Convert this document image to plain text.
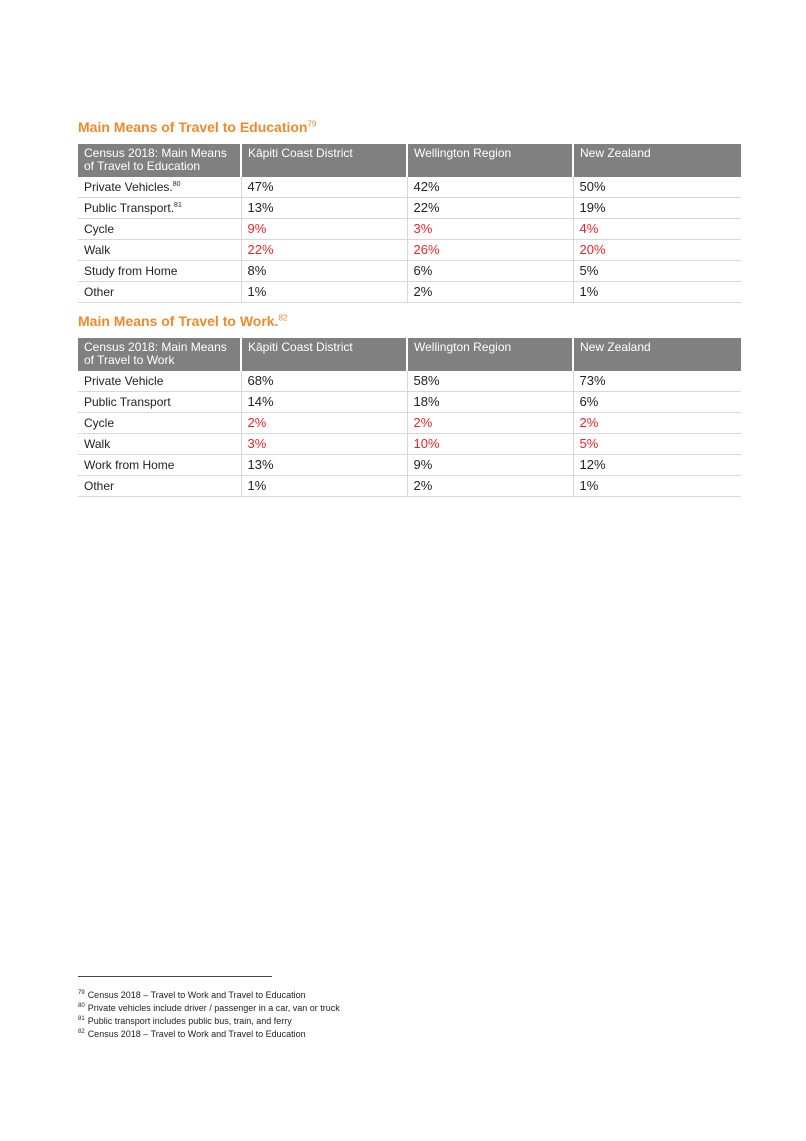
Main Means of Travel to Education$^{79}$
Census 2018: Main Means of Travel to Education	Kāpiti Coast District	Wellington Region	New Zealand
Private Vehicles.$^{80}$	47%	42%	50%
Public Transport.$^{81}$	13%	22%	19%
Cycle	9%	3%	4%
Walk	22%	26%	20%
Study from Home	8%	6%	5%
Other	1%	2%	1%
Main Means of Travel to Work.$^{82}$
Census 2018: Main Means of Travel to Work	Kāpiti Coast District	Wellington Region	New Zealand
Private Vehicle	68%	58%	73%
Public Transport	14%	18%	6%
Cycle	2%	2%	2%
Walk	3%	10%	5%
Work from Home	13%	9%	12%
Other	1%	2%	1%
$^{79}$ Census 2018 – Travel to Work and Travel to Education
$^{80}$ Private vehicles include driver / passenger in a car, van or truck
$^{81}$ Public transport includes public bus, train, and ferry
$^{82}$ Census 2018 – Travel to Work and Travel to Education
